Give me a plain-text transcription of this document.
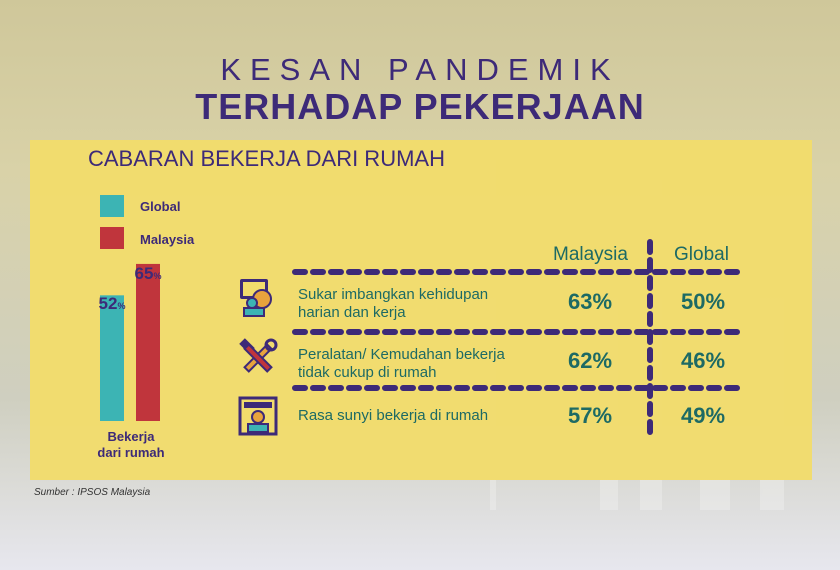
KESAN PANDEMIK
TERHADAP PEKERJAAN
CABARAN BEKERJA DARI RUMAH
Global
Malaysia
52%
65%
Bekerja
dari rumah
Malaysia Global
Sukar imbangkan kehidupan
harian dan kerja	63%	50%
Peralatan/ Kemudahan bekerja
tidak cukup di rumah	62%	46%
Rasa sunyi bekerja di rumah	57%	49%
Sumber : IPSOS Malaysia
